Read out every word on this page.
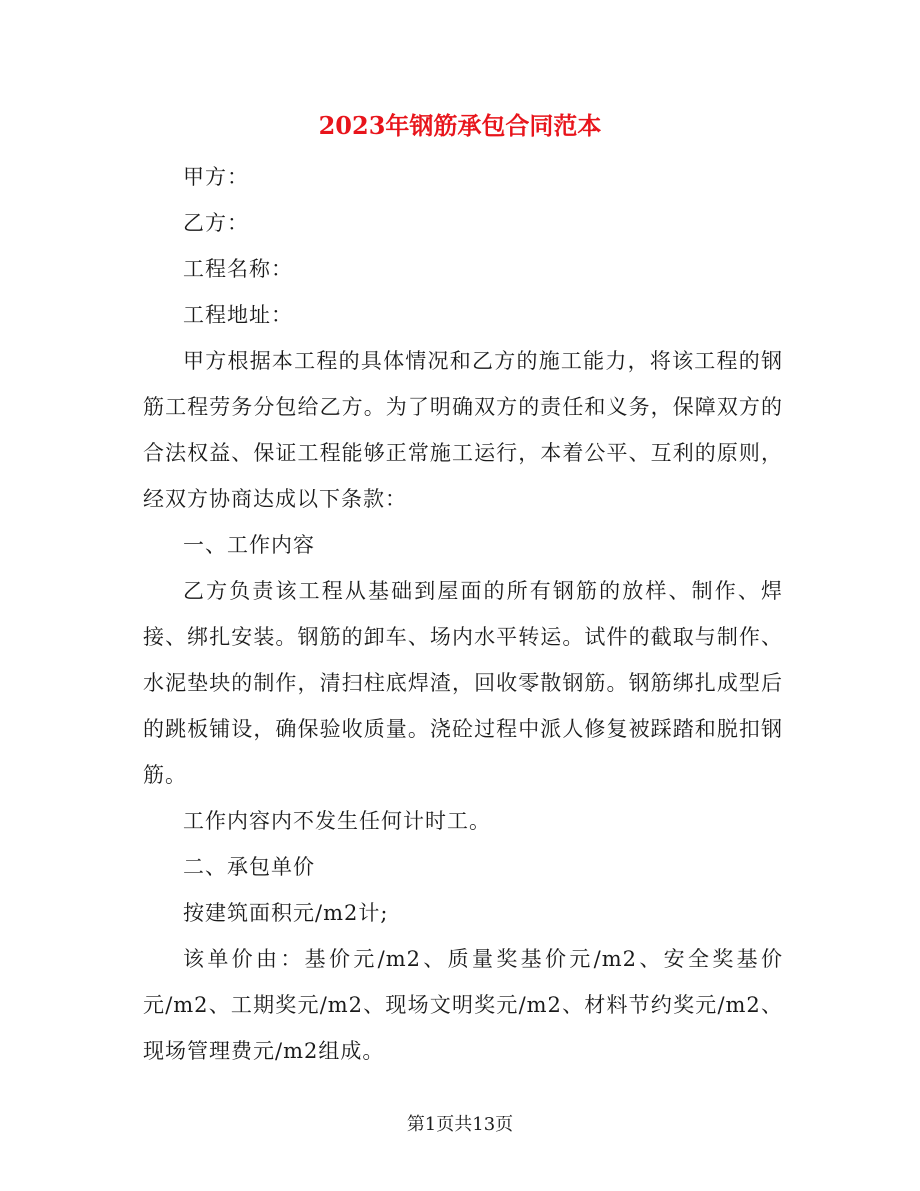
2023年钢筋承包合同范本

甲方：

乙方：

工程名称：

工程地址：

甲方根据本工程的具体情况和乙方的施工能力，将该工程的钢筋工程劳务分包给乙方。为了明确双方的责任和义务，保障双方的合法权益、保证工程能够正常施工运行，本着公平、互利的原则，经双方协商达成以下条款：

一、工作内容

乙方负责该工程从基础到屋面的所有钢筋的放样、制作、焊接、绑扎安装。钢筋的卸车、场内水平转运。试件的截取与制作、水泥垫块的制作，清扫柱底焊渣，回收零散钢筋。钢筋绑扎成型后的跳板铺设，确保验收质量。浇砼过程中派人修复被踩踏和脱扣钢筋。

工作内容内不发生任何计时工。

二、承包单价

按建筑面积元/m2计;

该单价由：基价元/m2、质量奖基价元/m2、安全奖基价元/m2、工期奖元/m2、现场文明奖元/m2、材料节约奖元/m2、现场管理费元/m2组成。

第1页共13页
